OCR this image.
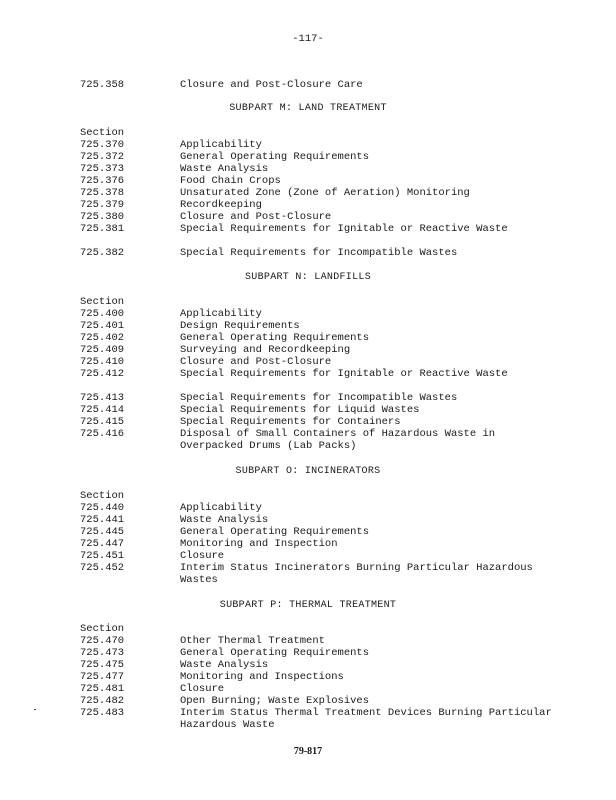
-117-
725.358	Closure and Post-Closure Care
SUBPART M: LAND TREATMENT
Section
725.370	Applicability
725.372	General Operating Requirements
725.373	Waste Analysis
725.376	Food Chain Crops
725.378	Unsaturated Zone (Zone of Aeration) Monitoring
725.379	Recordkeeping
725.380	Closure and Post-Closure
725.381	Special Requirements for Ignitable or Reactive Waste
725.382	Special Requirements for Incompatible Wastes
SUBPART N: LANDFILLS
Section
725.400	Applicability
725.401	Design Requirements
725.402	General Operating Requirements
725.409	Surveying and Recordkeeping
725.410	Closure and Post-Closure
725.412	Special Requirements for Ignitable or Reactive Waste
725.413	Special Requirements for Incompatible Wastes
725.414	Special Requirements for Liquid Wastes
725.415	Special Requirements for Containers
725.416	Disposal of Small Containers of Hazardous Waste in Overpacked Drums (Lab Packs)
SUBPART O: INCINERATORS
Section
725.440	Applicability
725.441	Waste Analysis
725.445	General Operating Requirements
725.447	Monitoring and Inspection
725.451	Closure
725.452	Interim Status Incinerators Burning Particular Hazardous Wastes
SUBPART P: THERMAL TREATMENT
Section
725.470	Other Thermal Treatment
725.473	General Operating Requirements
725.475	Waste Analysis
725.477	Monitoring and Inspections
725.481	Closure
725.482	Open Burning; Waste Explosives
725.483	Interim Status Thermal Treatment Devices Burning Particular Hazardous Waste
79-817
